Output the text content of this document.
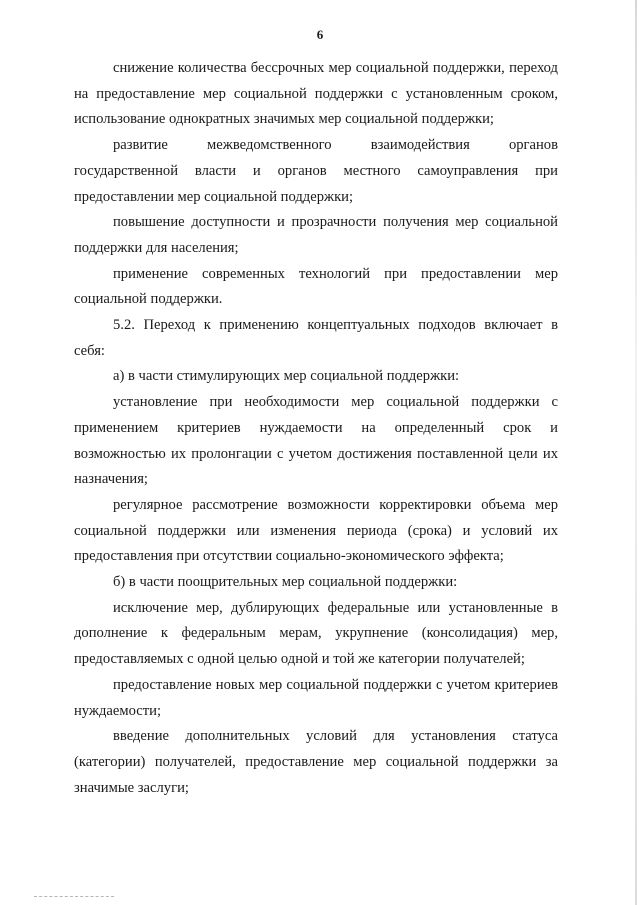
6

снижение количества бессрочных мер социальной поддержки, переход на предоставление мер социальной поддержки с установленным сроком, использование однократных значимых мер социальной поддержки;

развитие межведомственного взаимодействия органов государственной власти и органов местного самоуправления при предоставлении мер социальной поддержки;

повышение доступности и прозрачности получения мер социальной поддержки для населения;

применение современных технологий при предоставлении мер социальной поддержки.

5.2. Переход к применению концептуальных подходов включает в себя:

а) в части стимулирующих мер социальной поддержки:

установление при необходимости мер социальной поддержки с применением критериев нуждаемости на определенный срок и возможностью их пролонгации с учетом достижения поставленной цели их назначения;

регулярное рассмотрение возможности корректировки объема мер социальной поддержки или изменения периода (срока) и условий их предоставления при отсутствии социально-экономического эффекта;

б) в части поощрительных мер социальной поддержки:

исключение мер, дублирующих федеральные или установленные в дополнение к федеральным мерам, укрупнение (консолидация) мер, предоставляемых с одной целью одной и той же категории получателей;

предоставление новых мер социальной поддержки с учетом критериев нуждаемости;

введение дополнительных условий для установления статуса (категории) получателей, предоставление мер социальной поддержки за значимые заслуги;
